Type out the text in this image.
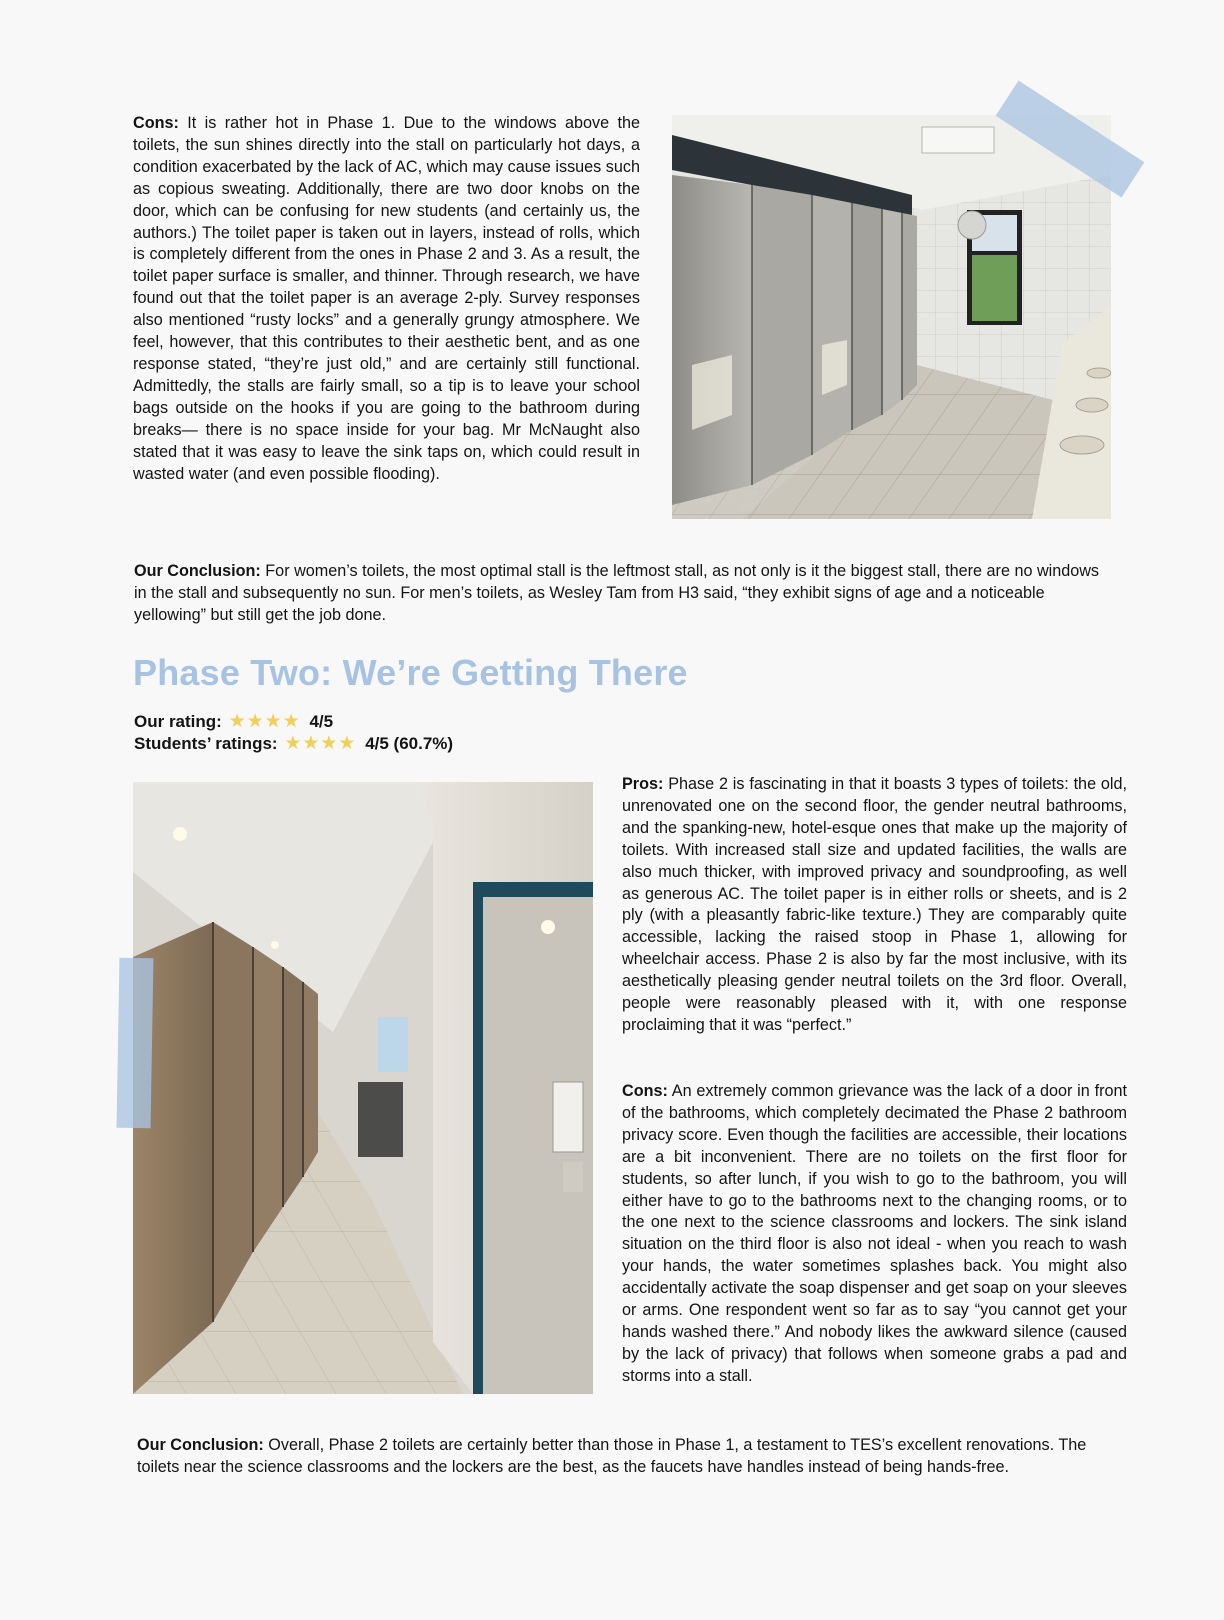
Cons: It is rather hot in Phase 1. Due to the windows above the toilets, the sun shines directly into the stall on particularly hot days, a condition exacerbated by the lack of AC, which may cause issues such as copious sweating. Additionally, there are two door knobs on the door, which can be confusing for new students (and certainly us, the authors.) The toilet paper is taken out in layers, instead of rolls, which is completely different from the ones in Phase 2 and 3. As a result, the toilet paper surface is smaller, and thinner. Through research, we have found out that the toilet paper is an average 2-ply. Survey responses also mentioned “rusty locks” and a generally grungy atmosphere. We feel, however, that this contributes to their aesthetic bent, and as one response stated, “they’re just old,” and are certainly still functional. Admittedly, the stalls are fairly small, so a tip is to leave your school bags outside on the hooks if you are going to the bathroom during breaks— there is no space inside for your bag. Mr McNaught also stated that it was easy to leave the sink taps on, which could result in wasted water (and even possible flooding).

Our Conclusion: For women’s toilets, the most optimal stall is the leftmost stall, as not only is it the biggest stall, there are no windows in the stall and subsequently no sun. For men’s toilets, as Wesley Tam from H3 said, “they exhibit signs of age and a noticeable yellowing” but still get the job done.

Phase Two: We’re Getting There
Our rating: ★★★★ 4/5
Students’ ratings: ★★★★ 4/5 (60.7%)

Pros: Phase 2 is fascinating in that it boasts 3 types of toilets: the old, unrenovated one on the second floor, the gender neutral bathrooms, and the spanking-new, hotel-esque ones that make up the majority of toilets. With increased stall size and updated facilities, the walls are also much thicker, with improved privacy and soundproofing, as well as generous AC. The toilet paper is in either rolls or sheets, and is 2 ply (with a pleasantly fabric-like texture.) They are comparably quite accessible, lacking the raised stoop in Phase 1, allowing for wheelchair access. Phase 2 is also by far the most inclusive, with its aesthetically pleasing gender neutral toilets on the 3rd floor. Overall, people were reasonably pleased with it, with one response proclaiming that it was “perfect.”

Cons: An extremely common grievance was the lack of a door in front of the bathrooms, which completely decimated the Phase 2 bathroom privacy score. Even though the facilities are accessible, their locations are a bit inconvenient. There are no toilets on the first floor for students, so after lunch, if you wish to go to the bathroom, you will either have to go to the bathrooms next to the changing rooms, or to the one next to the science classrooms and lockers. The sink island situation on the third floor is also not ideal - when you reach to wash your hands, the water sometimes splashes back. You might also accidentally activate the soap dispenser and get soap on your sleeves or arms. One respondent went so far as to say “you cannot get your hands washed there.” And nobody likes the awkward silence (caused by the lack of privacy) that follows when someone grabs a pad and storms into a stall.

Our Conclusion: Overall, Phase 2 toilets are certainly better than those in Phase 1, a testament to TES’s excellent renovations. The toilets near the science classrooms and the lockers are the best, as the faucets have handles instead of being hands-free.
